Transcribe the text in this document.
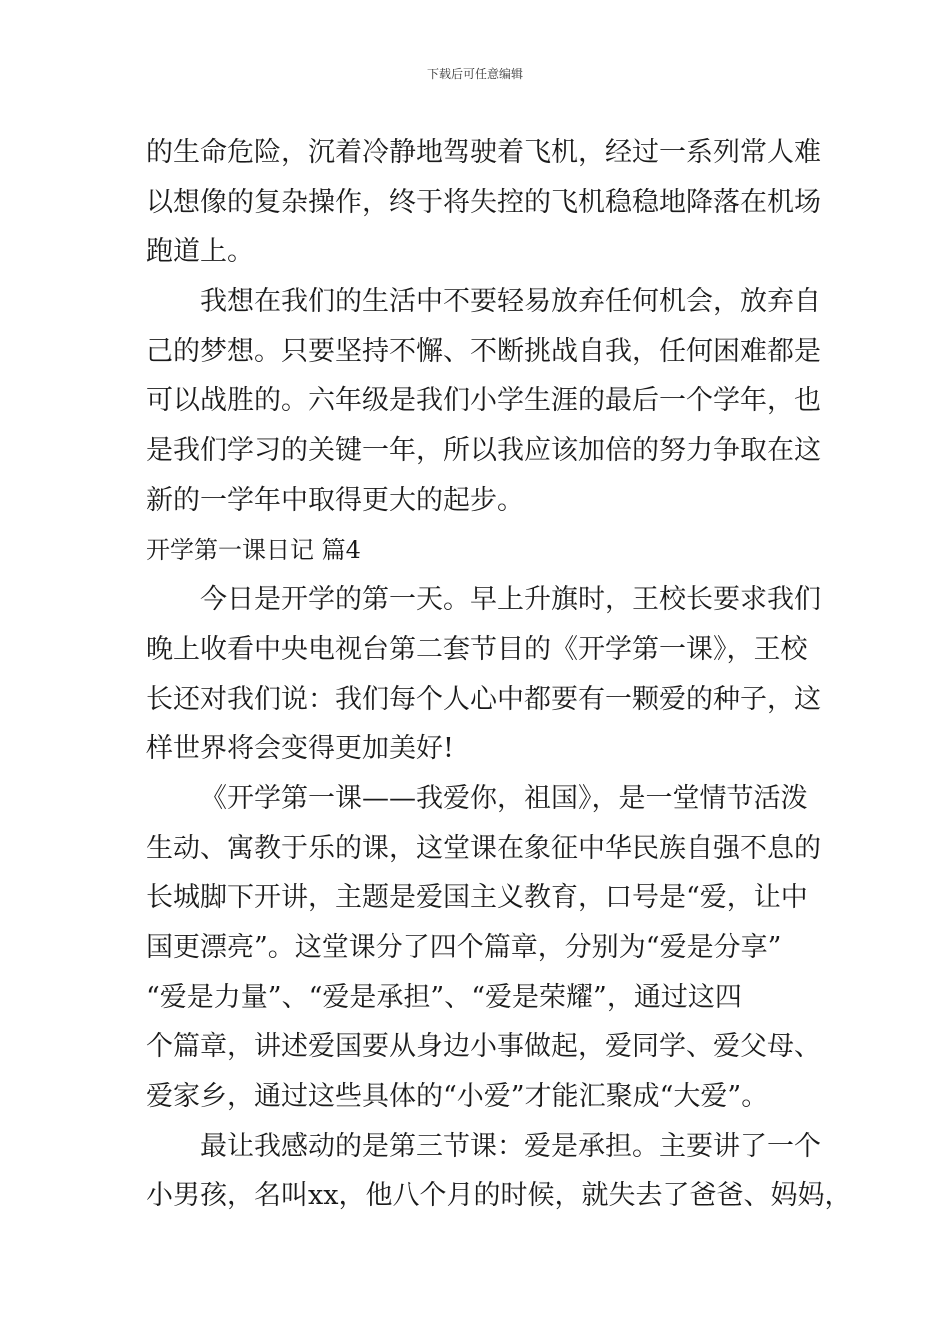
下载后可任意编辑
的生命危险，沉着冷静地驾驶着飞机，经过一系列常人难
以想像的复杂操作，终于将失控的飞机稳稳地降落在机场
跑道上。
我想在我们的生活中不要轻易放弃任何机会，放弃自
己的梦想。只要坚持不懈、不断挑战自我，任何困难都是
可以战胜的。六年级是我们小学生涯的最后一个学年，也
是我们学习的关键一年，所以我应该加倍的努力争取在这
新的一学年中取得更大的起步。
开学第一课日记 篇4
今日是开学的第一天。早上升旗时，王校长要求我们
晚上收看中央电视台第二套节目的《开学第一课》，王校
长还对我们说：我们每个人心中都要有一颗爱的种子，这
样世界将会变得更加美好!
《开学第一课——我爱你，祖国》，是一堂情节活泼
生动、寓教于乐的课，这堂课在象征中华民族自强不息的
长城脚下开讲，主题是爱国主义教育，口号是“爱，让中
国更漂亮”。这堂课分了四个篇章，分别为“爱是分享”
“爱是力量”、“爱是承担”、“爱是荣耀”，通过这四
个篇章，讲述爱国要从身边小事做起，爱同学、爱父母、
爱家乡，通过这些具体的“小爱”才能汇聚成“大爱”。
最让我感动的是第三节课：爱是承担。主要讲了一个
小男孩，名叫xx，他八个月的时候，就失去了爸爸、妈妈，
